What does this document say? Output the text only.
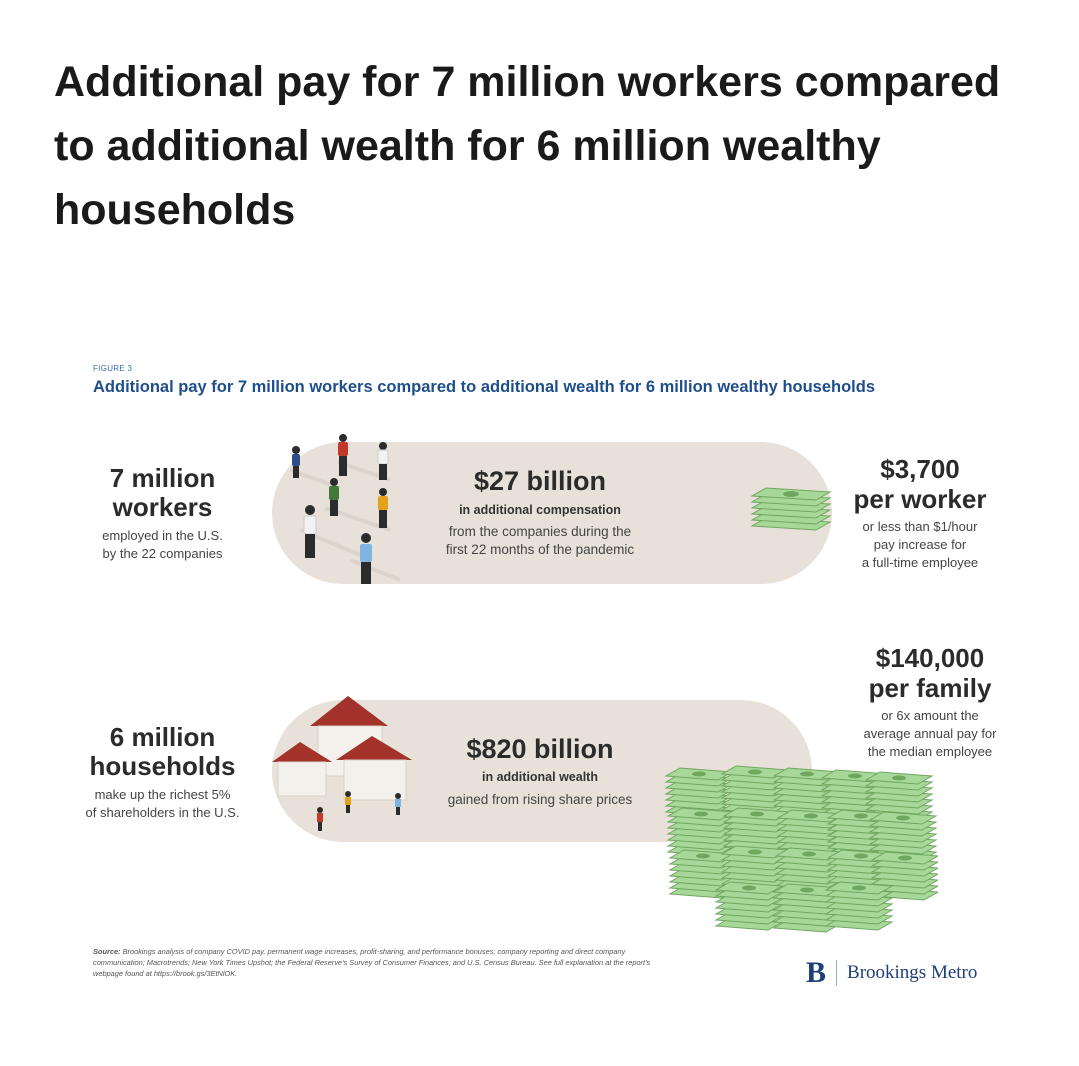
Additional pay for 7 million workers compared to additional wealth for 6 million wealthy households
FIGURE 3
Additional pay for 7 million workers compared to additional wealth for 6 million wealthy households
7 million
workers
employed in the U.S.
by the 22 companies
$27 billion
in additional compensation
from the companies during the
first 22 months of the pandemic
$3,700
per worker
or less than $1/hour
pay increase for
a full-time employee
6 million
households
make up the richest 5%
of shareholders in the U.S.
$820 billion
in additional wealth
gained from rising share prices
$140,000
per family
or 6x amount the
average annual pay for
the median employee
Source: Brookings analysis of company COVID pay, permanent wage increases, profit-sharing, and performance bonuses; company reporting and direct company communication; Macrotrends; New York Times Upshot; the Federal Reserve's Survey of Consumer Finances; and U.S. Census Bureau. See full explanation at the report's webpage found at https://brook.gs/3EtNlOK.	B Brookings Metro
